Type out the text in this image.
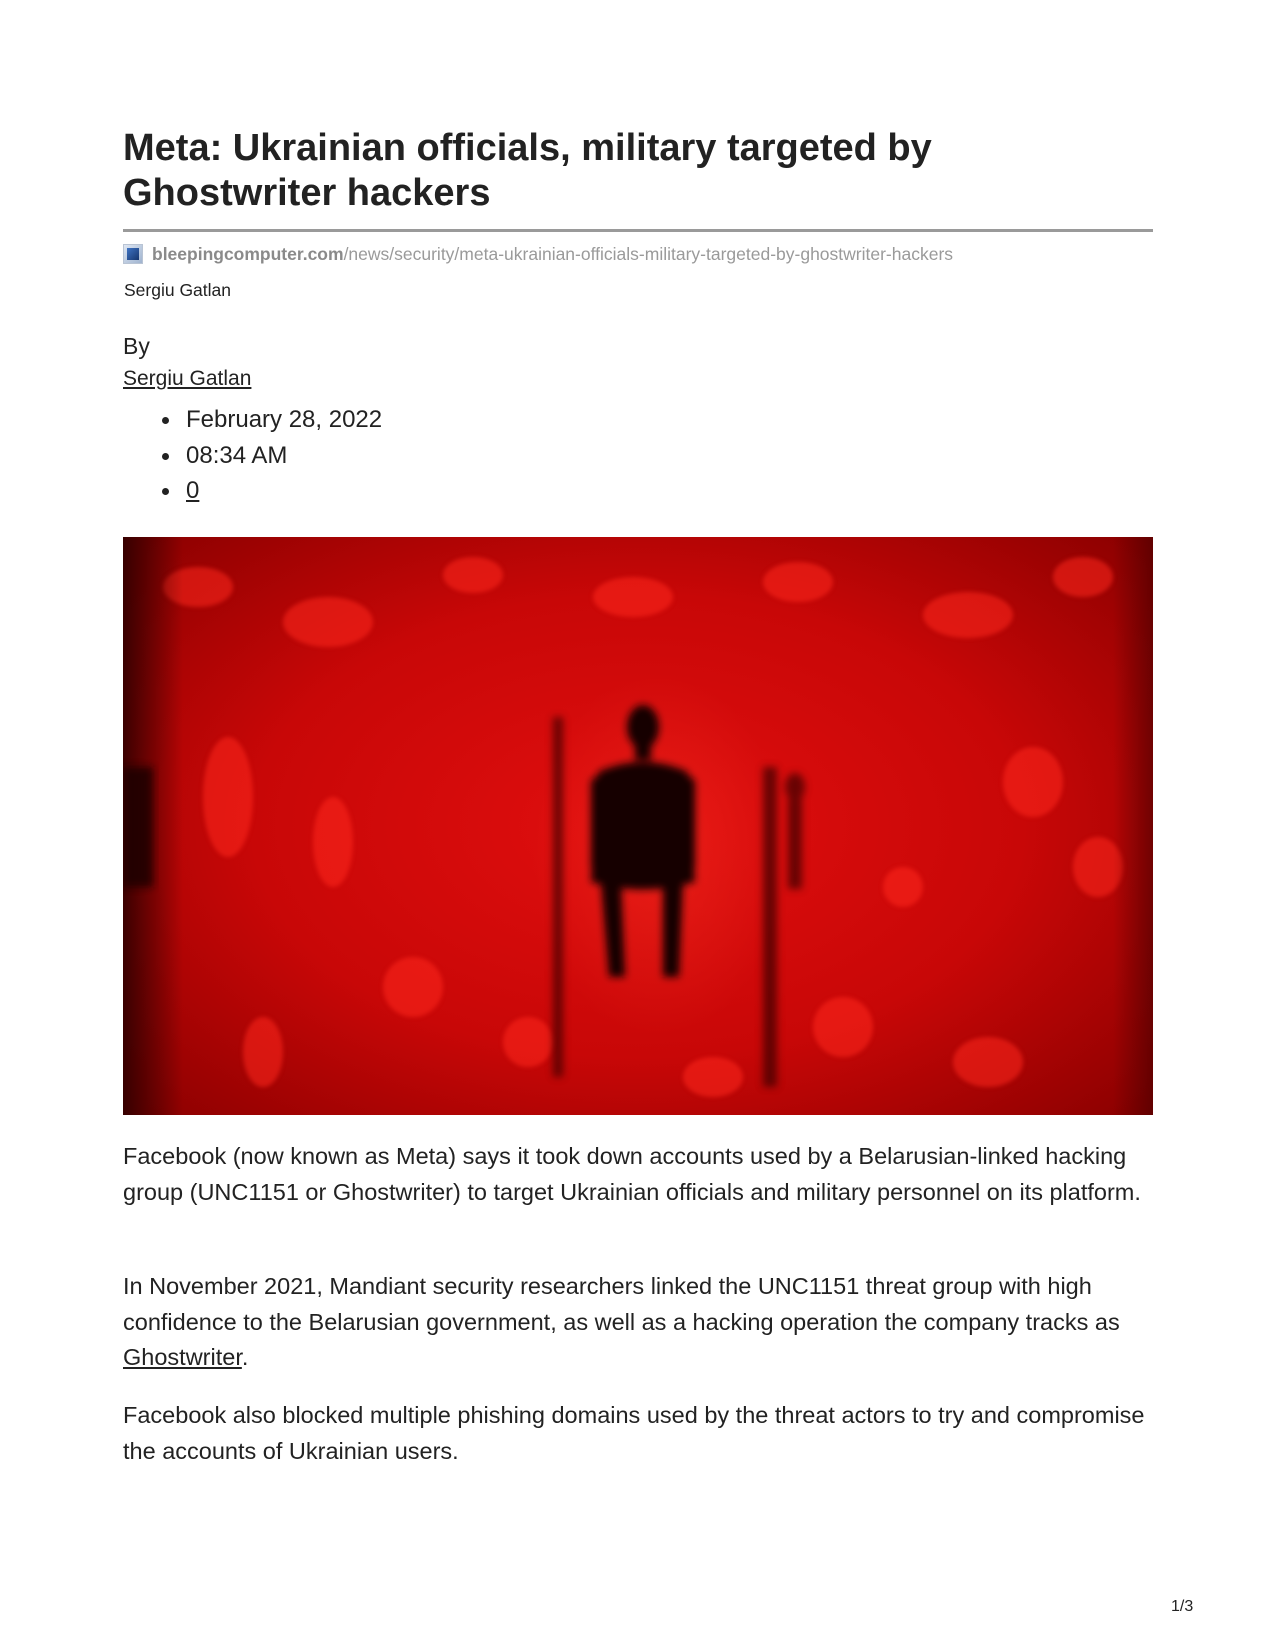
Meta: Ukrainian officials, military targeted by Ghostwriter hackers
bleepingcomputer.com /news/security/meta-ukrainian-officials-military-targeted-by-ghostwriter-hackers
Sergiu Gatlan
By
Sergiu Gatlan
February 28, 2022
08:34 AM
0

Facebook (now known as Meta) says it took down accounts used by a Belarusian-linked hacking group (UNC1151 or Ghostwriter) to target Ukrainian officials and military personnel on its platform.

In November 2021, Mandiant security researchers linked the UNC1151 threat group with high confidence to the Belarusian government, as well as a hacking operation the company tracks as Ghostwriter.

Facebook also blocked multiple phishing domains used by the threat actors to try and compromise the accounts of Ukrainian users.

1/3
